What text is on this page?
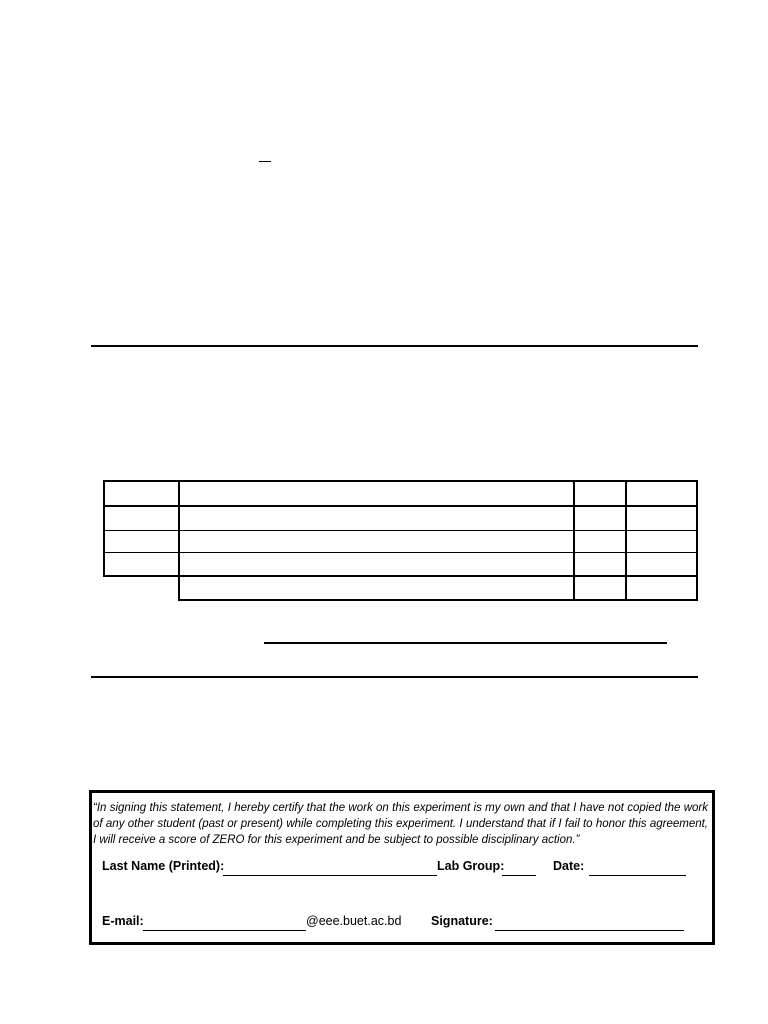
“In signing this statement, I hereby certify that the work on this experiment is my own and that I have not copied the work of any other student (past or present) while completing this experiment. I understand that if I fail to honor this agreement, I will receive a score of ZERO for this experiment and be subject to possible disciplinary action.”
Last Name (Printed):	Lab Group:	Date:
E-mail:	@eee.buet.ac.bd Signature:
